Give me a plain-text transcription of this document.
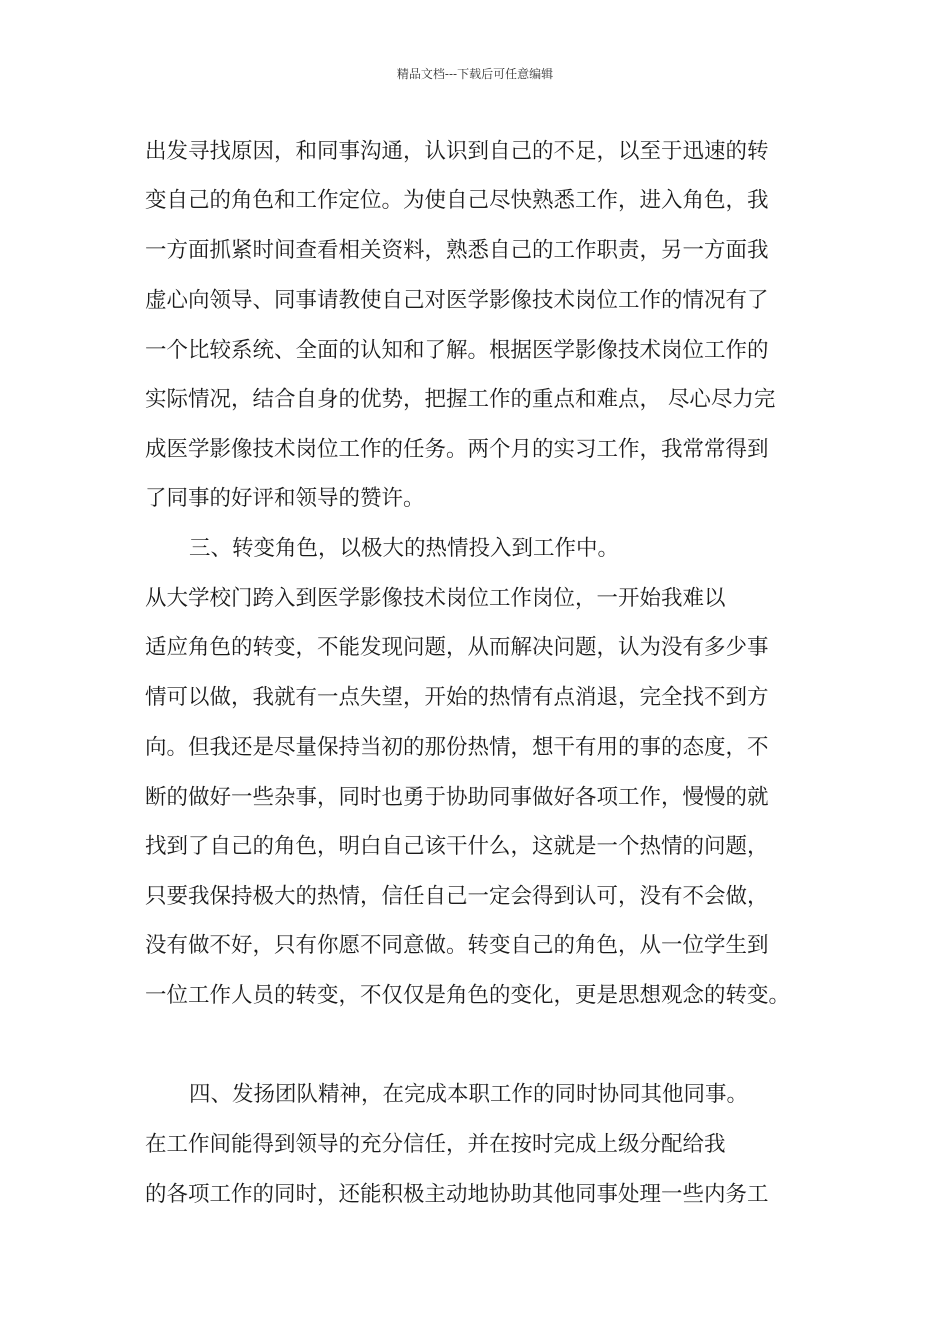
精品文档---下载后可任意编辑
出发寻找原因，和同事沟通，认识到自己的不足，以至于迅速的转
变自己的角色和工作定位。为使自己尽快熟悉工作，进入角色，我
一方面抓紧时间查看相关资料，熟悉自己的工作职责，另一方面我
虚心向领导、同事请教使自己对医学影像技术岗位工作的情况有了
一个比较系统、全面的认知和了解。根据医学影像技术岗位工作的
实际情况，结合自身的优势，把握工作的重点和难点， 尽心尽力完
成医学影像技术岗位工作的任务。两个月的实习工作，我常常得到
了同事的好评和领导的赞许。
三、转变角色，以极大的热情投入到工作中。
从大学校门跨入到医学影像技术岗位工作岗位，一开始我难以
适应角色的转变，不能发现问题，从而解决问题，认为没有多少事
情可以做，我就有一点失望，开始的热情有点消退，完全找不到方
向。但我还是尽量保持当初的那份热情，想干有用的事的态度，不
断的做好一些杂事，同时也勇于协助同事做好各项工作，慢慢的就
找到了自己的角色，明白自己该干什么，这就是一个热情的问题，
只要我保持极大的热情，信任自己一定会得到认可，没有不会做，
没有做不好，只有你愿不同意做。转变自己的角色，从一位学生到
一位工作人员的转变，不仅仅是角色的变化，更是思想观念的转变。
四、发扬团队精神，在完成本职工作的同时协同其他同事。
在工作间能得到领导的充分信任，并在按时完成上级分配给我
的各项工作的同时，还能积极主动地协助其他同事处理一些内务工
